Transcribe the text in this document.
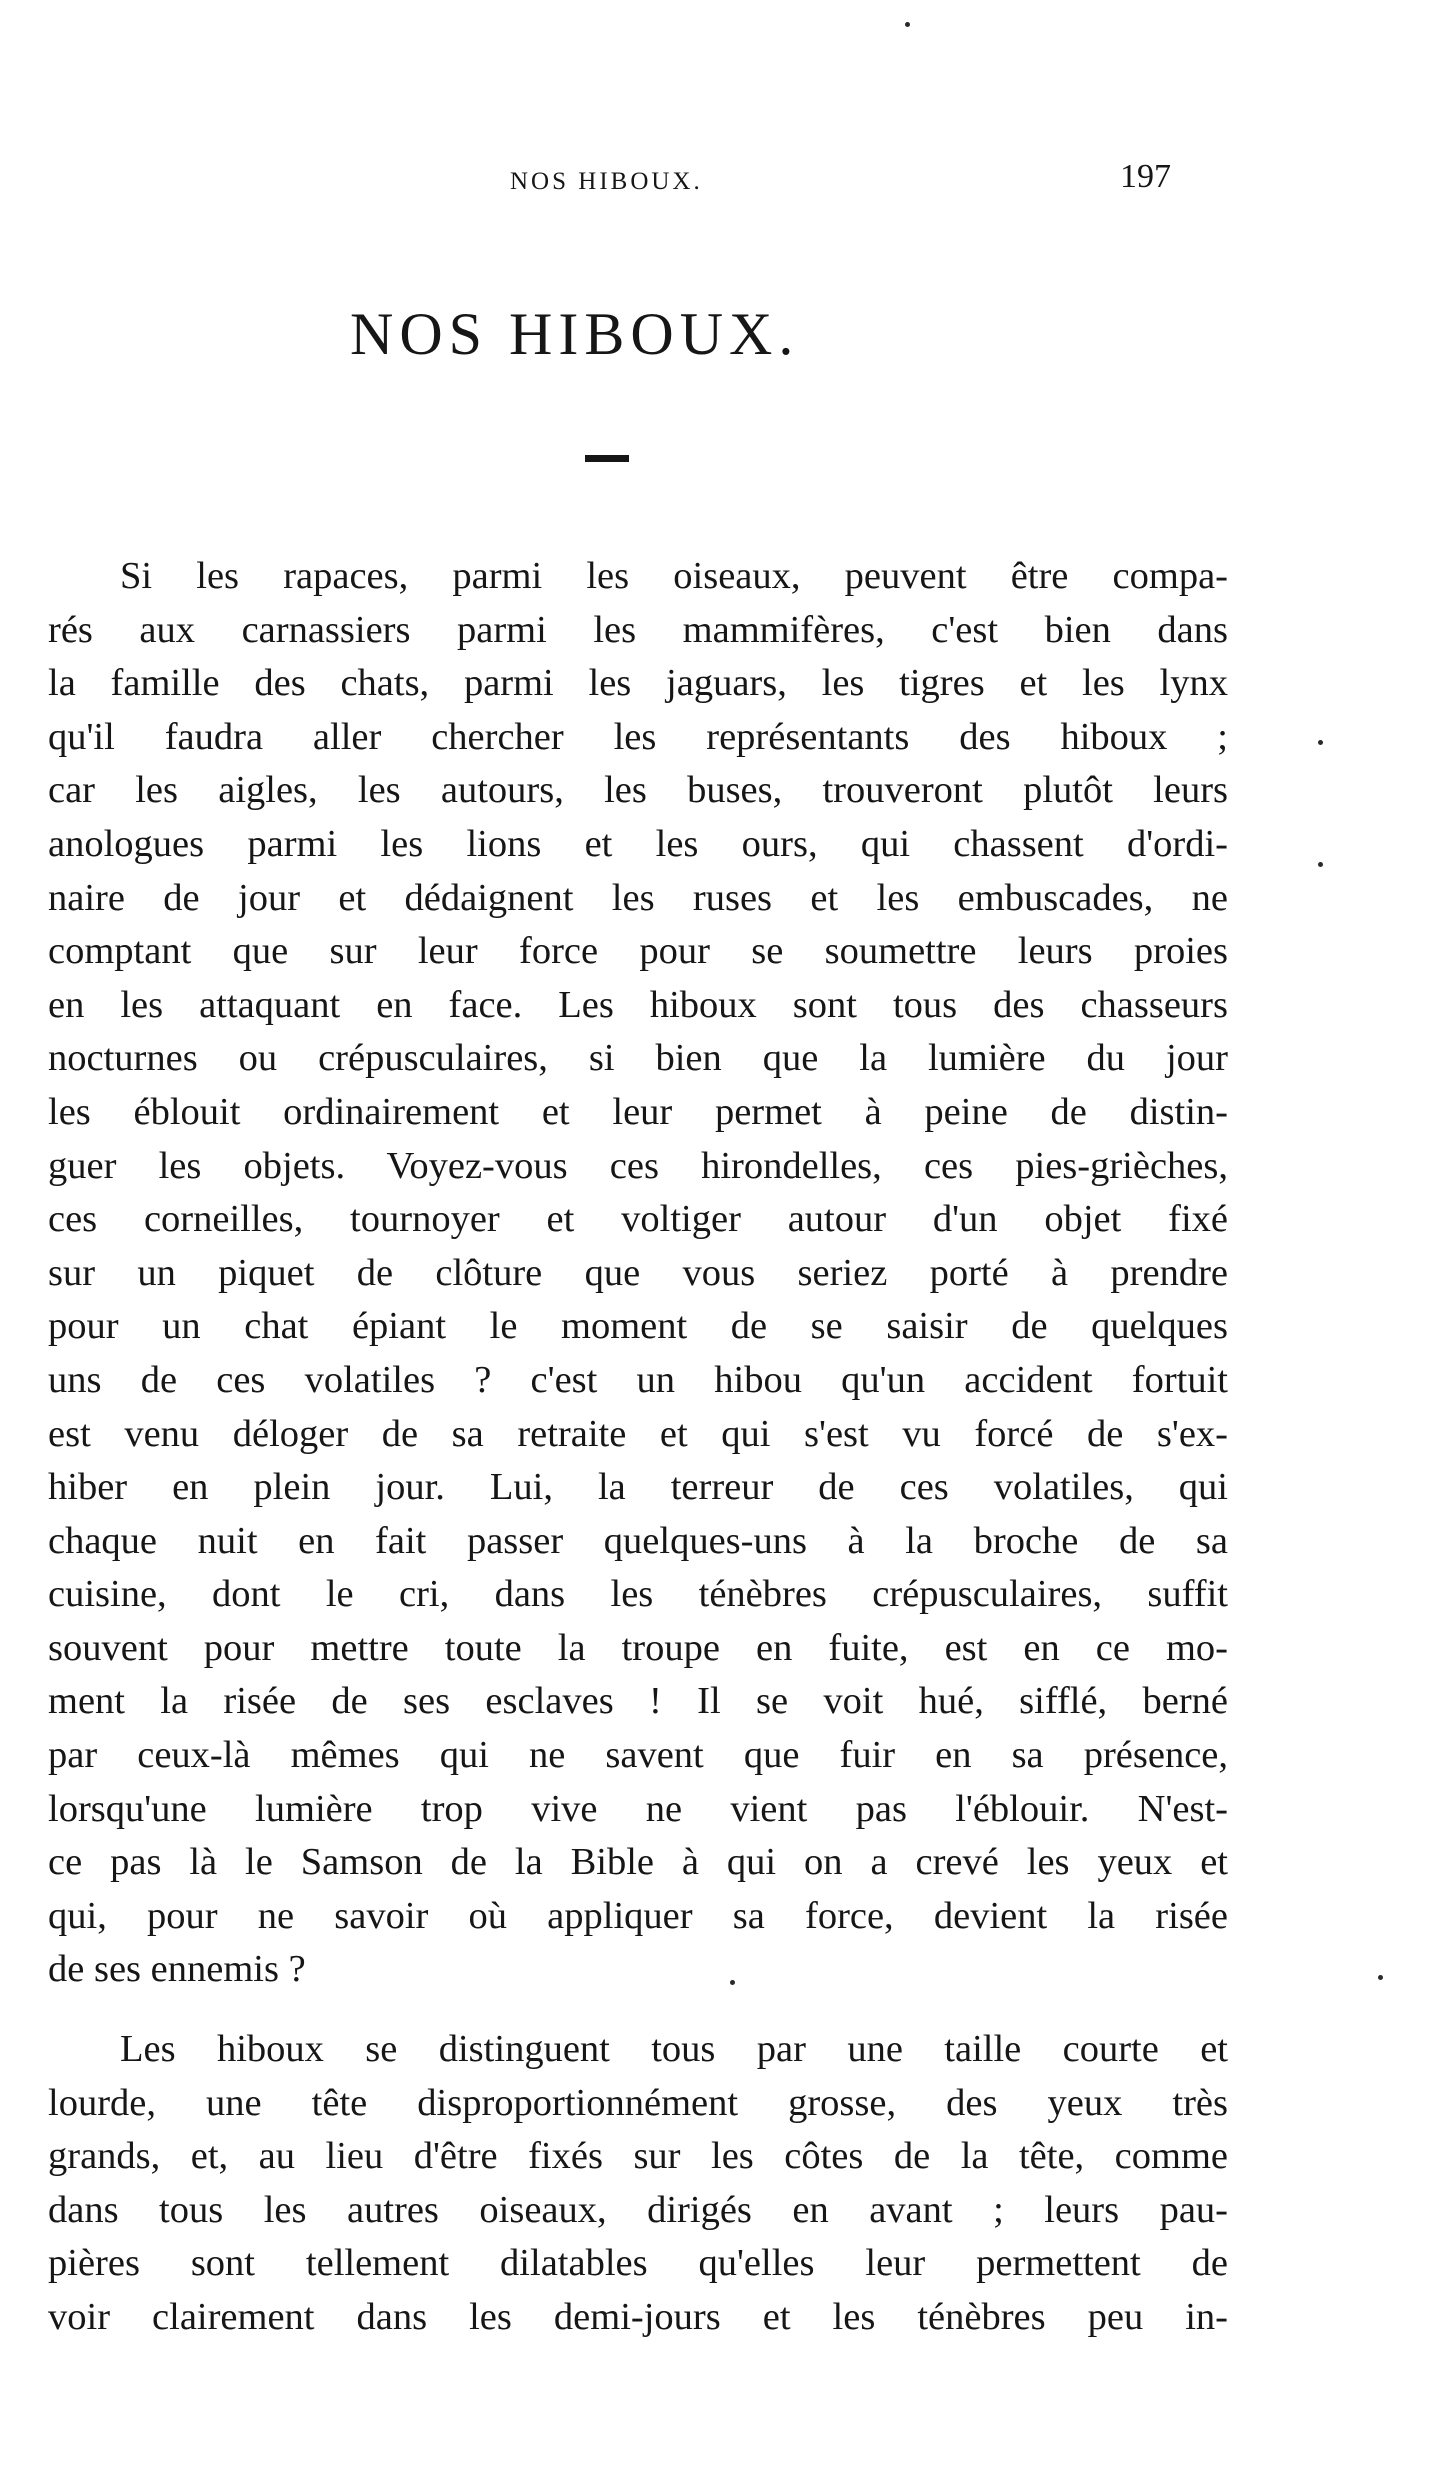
NOS HIBOUX.	197
NOS HIBOUX.
Si les rapaces, parmi les oiseaux, peuvent être compa-
rés aux carnassiers parmi les mammifères, c'est bien dans
la famille des chats, parmi les jaguars, les tigres et les lynx
qu'il faudra aller chercher les représentants des hiboux ;
car les aigles, les autours, les buses, trouveront plutôt leurs
anologues parmi les lions et les ours, qui chassent d'ordi-
naire de jour et dédaignent les ruses et les embuscades, ne
comptant que sur leur force pour se soumettre leurs proies
en les attaquant en face. Les hiboux sont tous des chasseurs
nocturnes ou crépusculaires, si bien que la lumière du jour
les éblouit ordinairement et leur permet à peine de distin-
guer les objets. Voyez-vous ces hirondelles, ces pies-grièches,
ces corneilles, tournoyer et voltiger autour d'un objet fixé
sur un piquet de clôture que vous seriez porté à prendre
pour un chat épiant le moment de se saisir de quelques
uns de ces volatiles ? c'est un hibou qu'un accident fortuit
est venu déloger de sa retraite et qui s'est vu forcé de s'ex-
hiber en plein jour. Lui, la terreur de ces volatiles, qui
chaque nuit en fait passer quelques-uns à la broche de sa
cuisine, dont le cri, dans les ténèbres crépusculaires, suffit
souvent pour mettre toute la troupe en fuite, est en ce mo-
ment la risée de ses esclaves ! Il se voit hué, sifflé, berné
par ceux-là mêmes qui ne savent que fuir en sa présence,
lorsqu'une lumière trop vive ne vient pas l'éblouir. N'est-
ce pas là le Samson de la Bible à qui on a crevé les yeux et
qui, pour ne savoir où appliquer sa force, devient la risée
de ses ennemis ?
Les hiboux se distinguent tous par une taille courte et
lourde, une tête disproportionnément grosse, des yeux très
grands, et, au lieu d'être fixés sur les côtes de la tête, comme
dans tous les autres oiseaux, dirigés en avant ; leurs pau-
pières sont tellement dilatables qu'elles leur permettent de
voir clairement dans les demi-jours et les ténèbres peu in-
